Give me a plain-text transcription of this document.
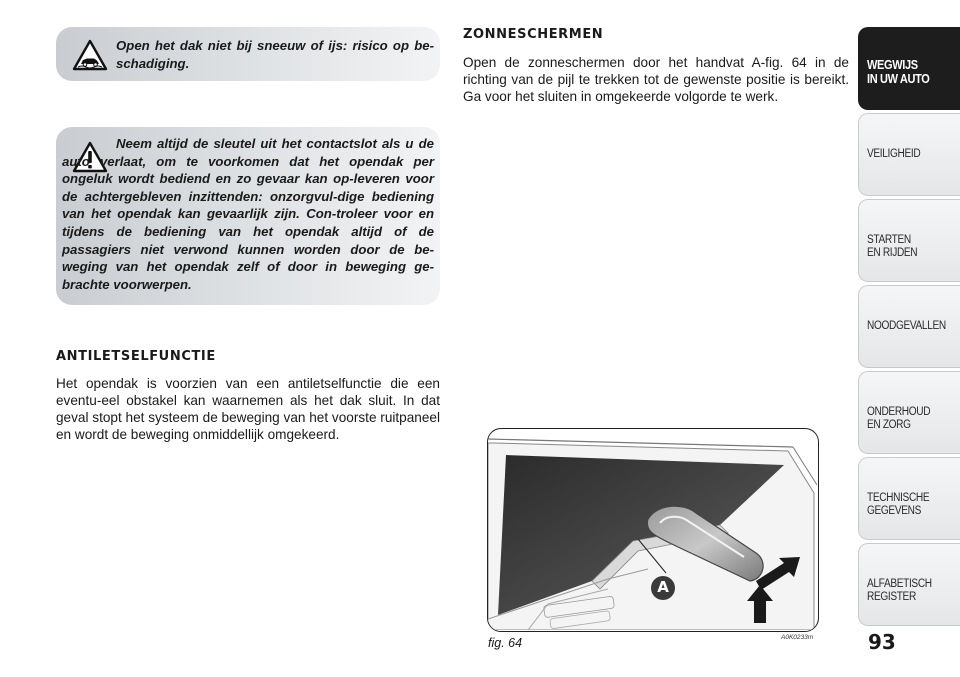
Open het dak niet bij sneeuw of ijs: risico op be-schadiging.

Neem altijd de sleutel uit het contactslot als u de auto verlaat, om te voorkomen dat het opendak per ongeluk wordt bediend en zo gevaar kan op-leveren voor de achtergebleven inzittenden: onzorgvul-dige bediening van het opendak kan gevaarlijk zijn. Con-troleer voor en tijdens de bediening van het opendak altijd of de passagiers niet verwond kunnen worden door de be-weging van het opendak zelf of door in beweging ge-brachte voorwerpen.

ANTILETSELFUNCTIE

Het opendak is voorzien van een antiletselfunctie die een eventu-eel obstakel kan waarnemen als het dak sluit. In dat geval stopt het systeem de beweging van het voorste ruitpaneel en wordt de beweging onmiddellijk omgekeerd.

ZONNESCHERMEN

Open de zonneschermen door het handvat A-fig. 64 in de richting van de pijl te trekken tot de gewenste positie is bereikt. Ga voor het sluiten in omgekeerde volgorde te werk.

A

fig. 64	A0K0233m	93

WEGWIJS
IN UW AUTO
VEILIGHEID
STARTEN
EN RIJDEN
NOODGEVALLEN
ONDERHOUD
EN ZORG
TECHNISCHE
GEGEVENS
ALFABETISCH
REGISTER
